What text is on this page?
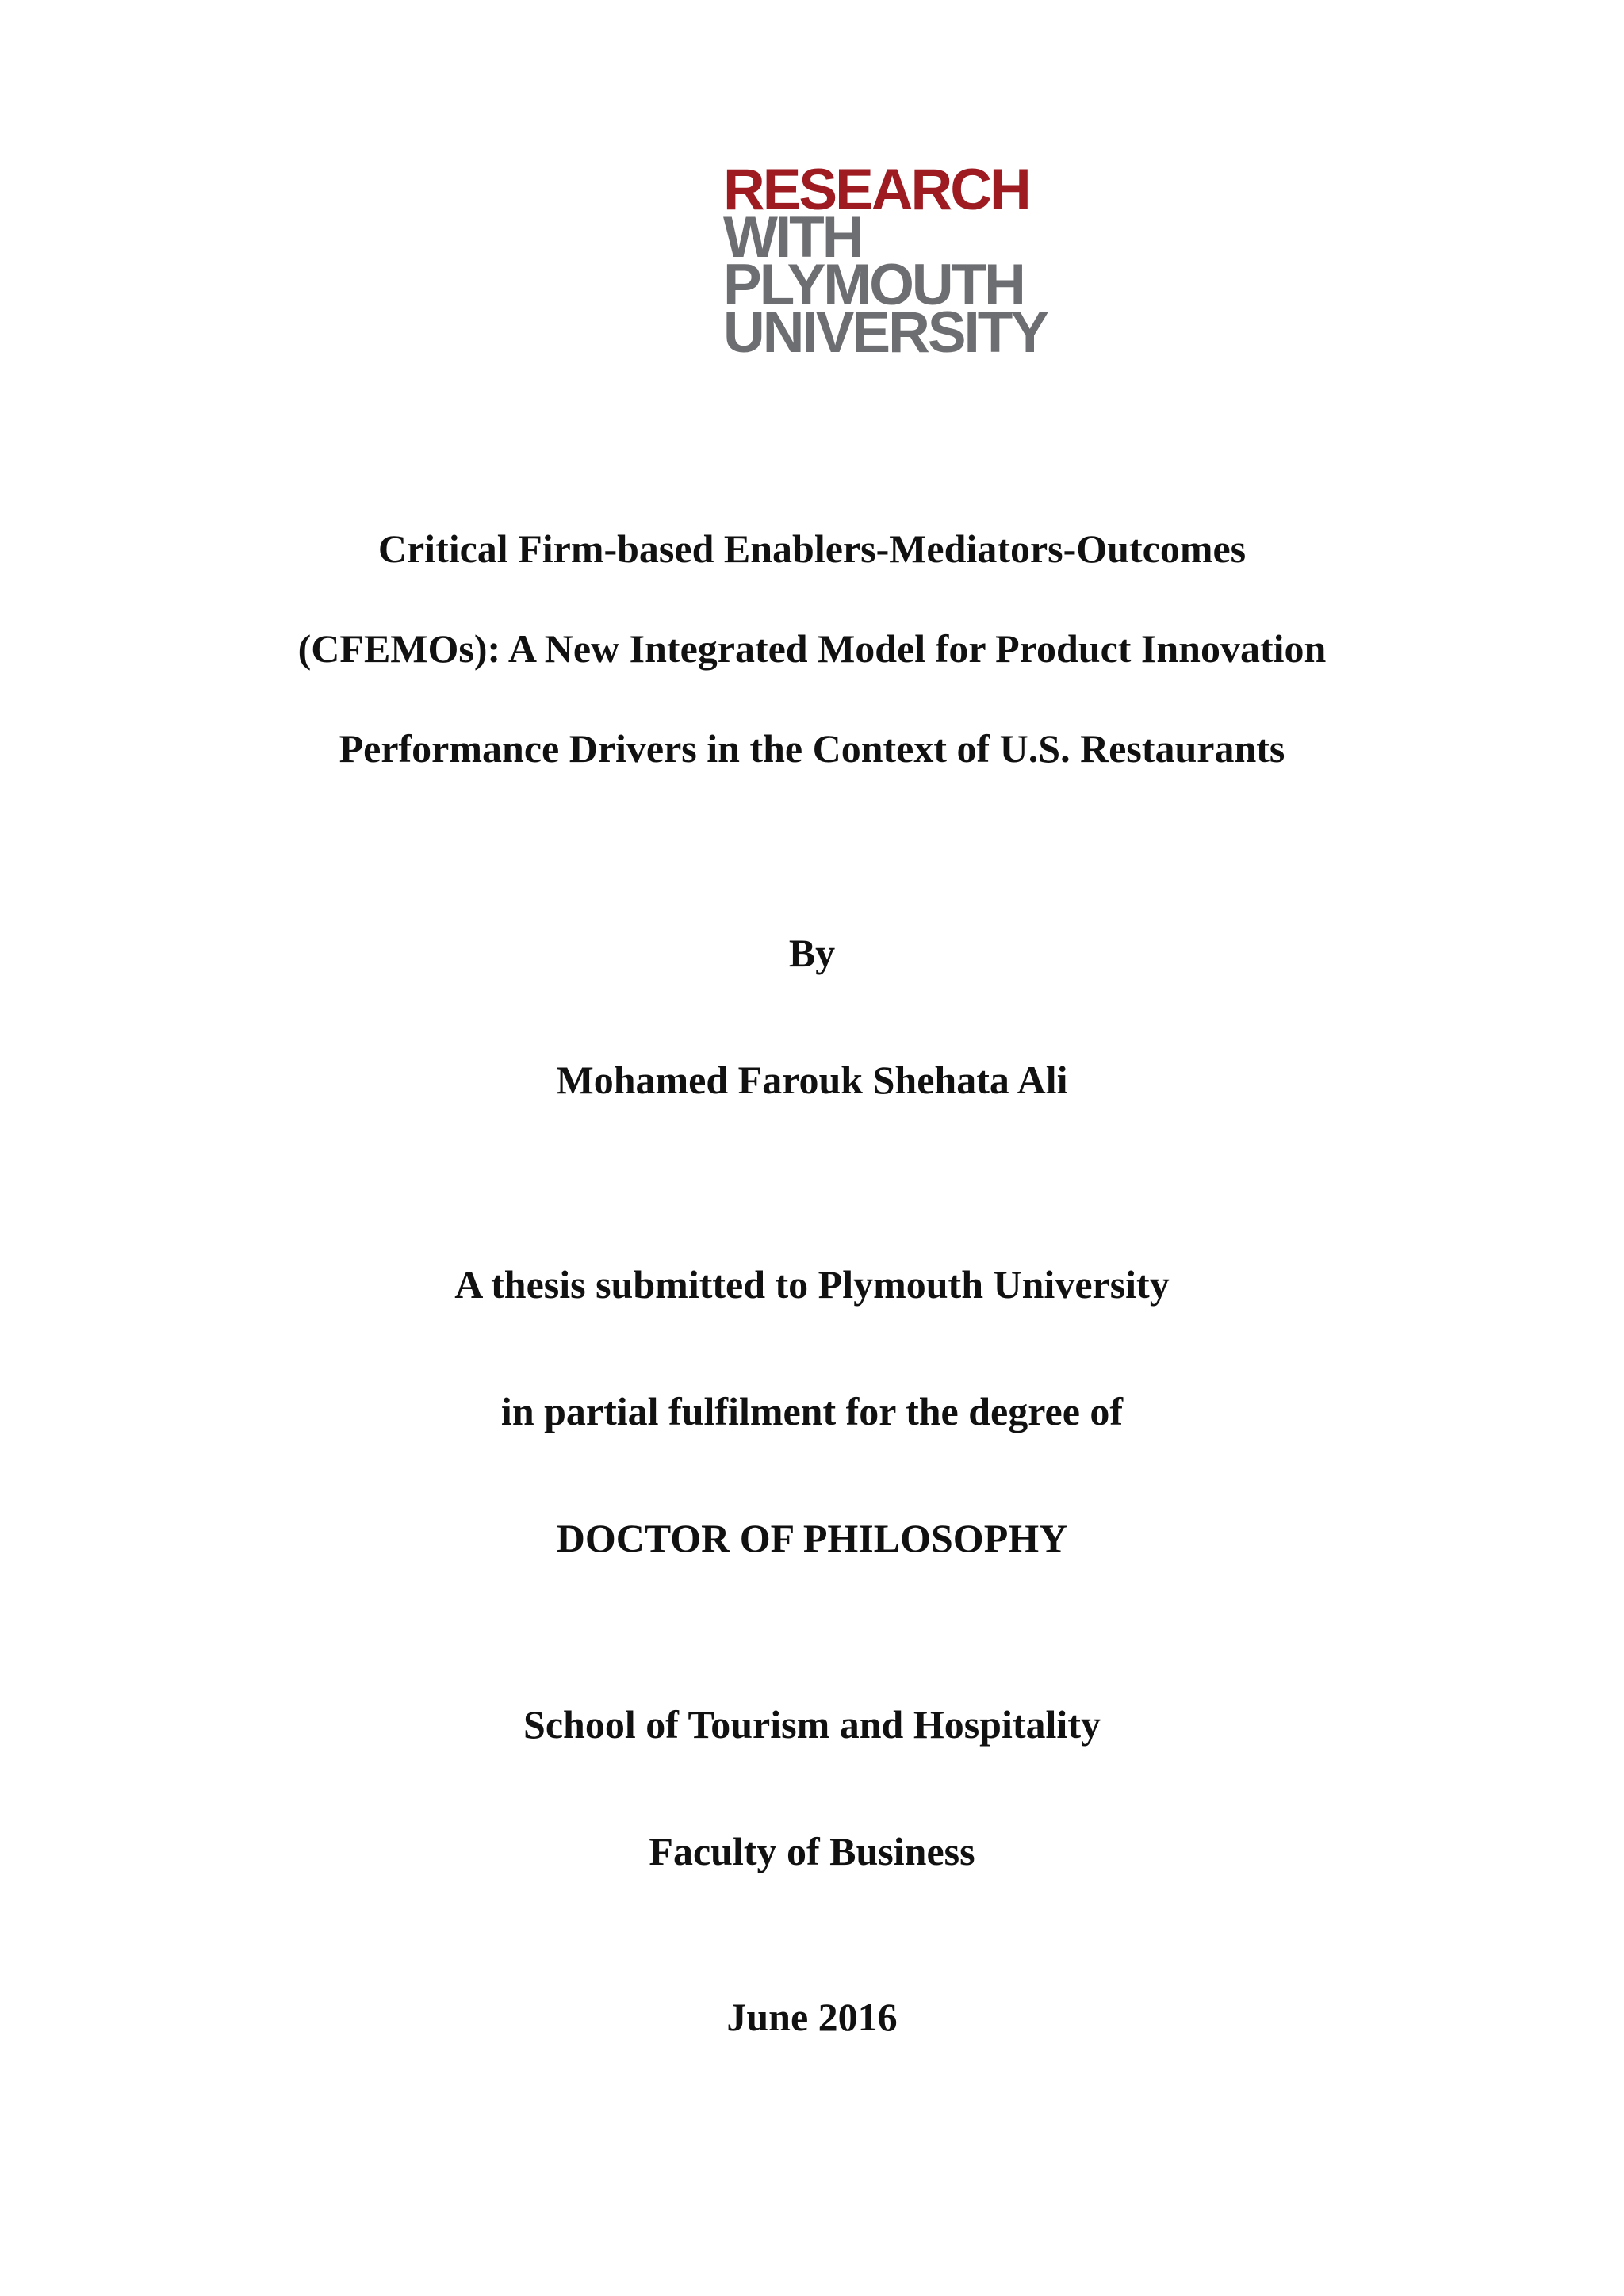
RESEARCH
WITH
PLYMOUTH
UNIVERSITY
Critical Firm-based Enablers-Mediators-Outcomes
(CFEMOs): A New Integrated Model for Product Innovation
Performance Drivers in the Context of U.S. Restaurants
By
Mohamed Farouk Shehata Ali
A thesis submitted to Plymouth University
in partial fulfilment for the degree of
DOCTOR OF PHILOSOPHY
School of Tourism and Hospitality
Faculty of Business
June 2016
